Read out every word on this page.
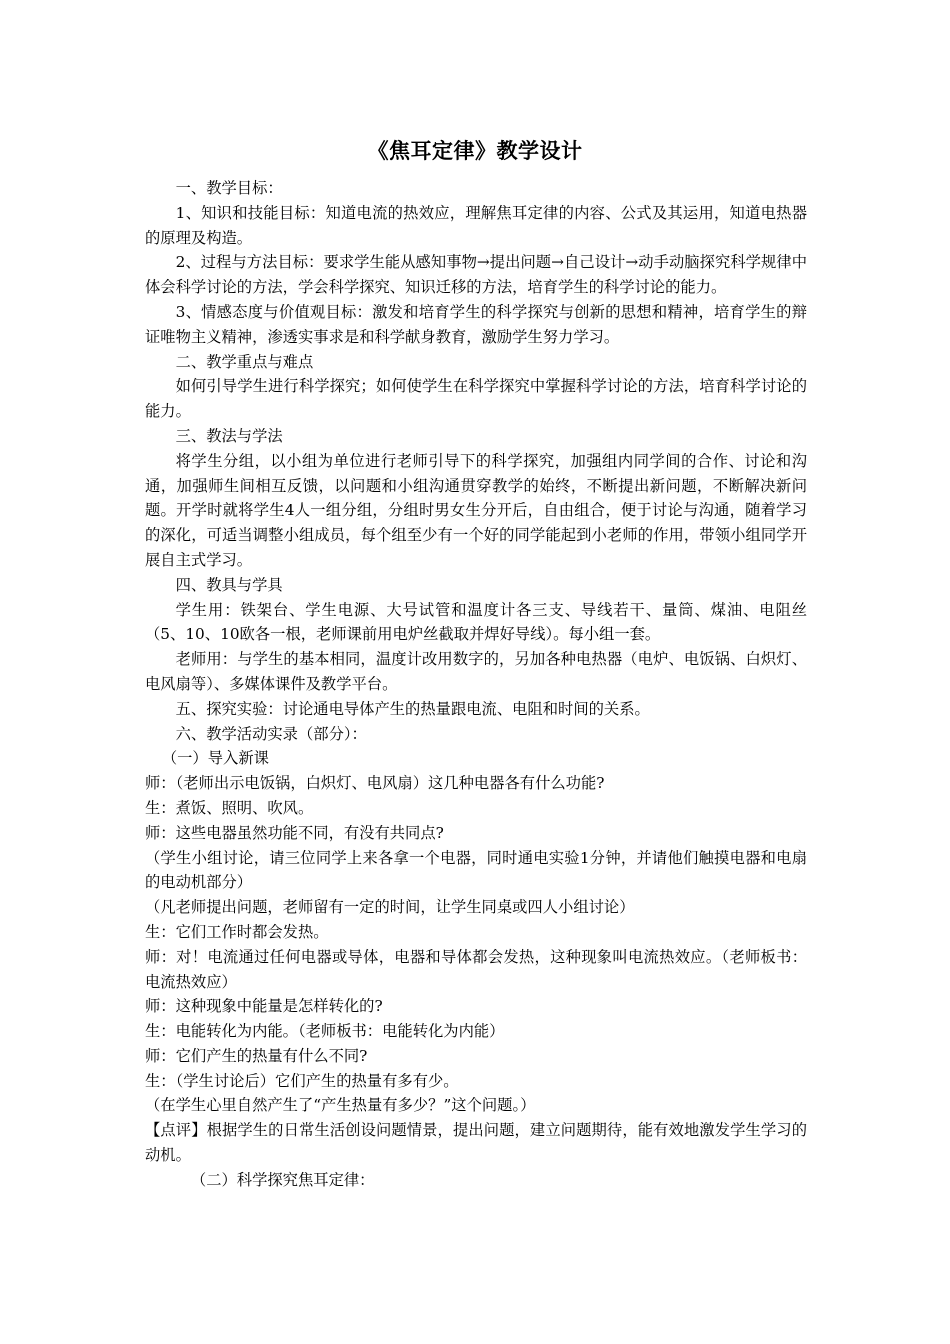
《焦耳定律》教学设计

一、教学目标：

1、知识和技能目标：知道电流的热效应，理解焦耳定律的内容、公式及其运用，知道电热器的原理及构造。

2、过程与方法目标：要求学生能从感知事物→提出问题→自己设计→动手动脑探究科学规律中体会科学讨论的方法，学会科学探究、知识迁移的方法，培育学生的科学讨论的能力。

3、情感态度与价值观目标：激发和培育学生的科学探究与创新的思想和精神，培育学生的辩证唯物主义精神，渗透实事求是和科学献身教育，激励学生努力学习。

二、教学重点与难点

如何引导学生进行科学探究；如何使学生在科学探究中掌握科学讨论的方法，培育科学讨论的能力。

三、教法与学法

将学生分组，以小组为单位进行老师引导下的科学探究，加强组内同学间的合作、讨论和沟通，加强师生间相互反馈，以问题和小组沟通贯穿教学的始终，不断提出新问题，不断解决新问题。开学时就将学生4人一组分组，分组时男女生分开后，自由组合，便于讨论与沟通，随着学习的深化，可适当调整小组成员，每个组至少有一个好的同学能起到小老师的作用，带领小组同学开展自主式学习。

四、教具与学具

学生用：铁架台、学生电源、大号试管和温度计各三支、导线若干、量筒、煤油、电阻丝（5、10、10欧各一根，老师课前用电炉丝截取并焊好导线）。每小组一套。

老师用：与学生的基本相同，温度计改用数字的，另加各种电热器（电炉、电饭锅、白炽灯、电风扇等）、多媒体课件及教学平台。

五、探究实验：讨论通电导体产生的热量跟电流、电阻和时间的关系。

六、教学活动实录（部分）：

（一）导入新课

师：（老师出示电饭锅，白炽灯、电风扇）这几种电器各有什么功能?

生：煮饭、照明、吹风。

师：这些电器虽然功能不同，有没有共同点?

（学生小组讨论，请三位同学上来各拿一个电器，同时通电实验1分钟，并请他们触摸电器和电扇的电动机部分）

（凡老师提出问题，老师留有一定的时间，让学生同桌或四人小组讨论）

生：它们工作时都会发热。

师：对！电流通过任何电器或导体，电器和导体都会发热，这种现象叫电流热效应。（老师板书：电流热效应）

师：这种现象中能量是怎样转化的?

生：电能转化为内能。（老师板书：电能转化为内能）

师：它们产生的热量有什么不同?

生：（学生讨论后）它们产生的热量有多有少。

（在学生心里自然产生了“产生热量有多少？”这个问题。）

【点评】根据学生的日常生活创设问题情景，提出问题，建立问题期待，能有效地激发学生学习的动机。

（二）科学探究焦耳定律：
